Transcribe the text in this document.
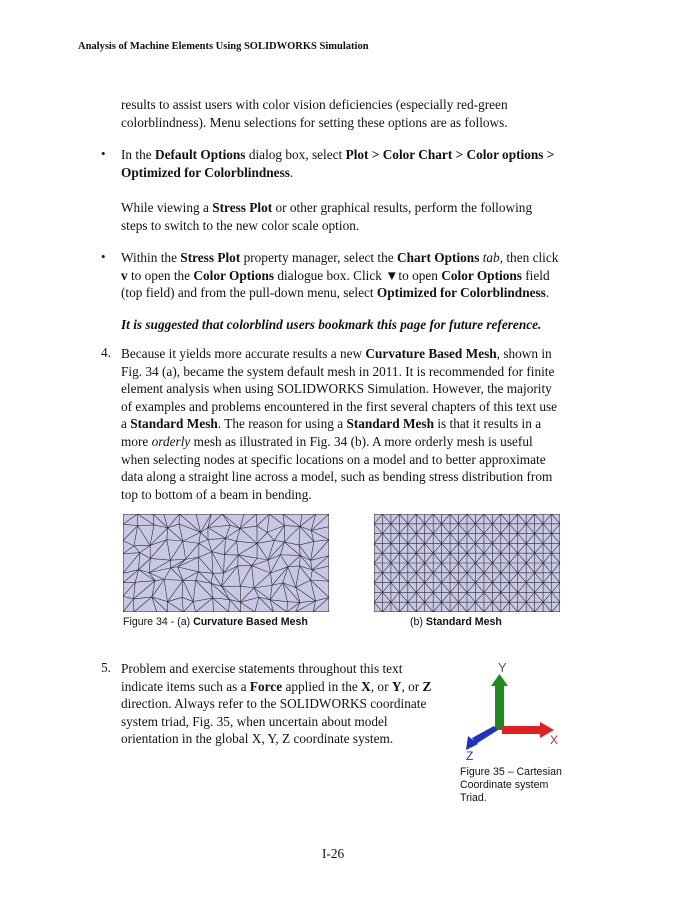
Analysis of Machine Elements Using SOLIDWORKS Simulation
results to assist users with color vision deficiencies (especially red-green
colorblindness). Menu selections for setting these options are as follows.
• In the Default Options dialog box, select Plot > Color Chart > Color options >
Optimized for Colorblindness.
While viewing a Stress Plot or other graphical results, perform the following
steps to switch to the new color scale option.
• Within the Stress Plot property manager, select the Chart Options tab, then click
v to open the Color Options dialogue box. Click ▼to open Color Options field
(top field) and from the pull-down menu, select Optimized for Colorblindness.
It is suggested that colorblind users bookmark this page for future reference.
4. Because it yields more accurate results a new Curvature Based Mesh, shown in
Fig. 34 (a), became the system default mesh in 2011. It is recommended for finite
element analysis when using SOLIDWORKS Simulation. However, the majority
of examples and problems encountered in the first several chapters of this text use
a Standard Mesh. The reason for using a Standard Mesh is that it results in a
more orderly mesh as illustrated in Fig. 34 (b). A more orderly mesh is useful
when selecting nodes at specific locations on a model and to better approximate
data along a straight line across a model, such as bending stress distribution from
top to bottom of a beam in bending.
Figure 34 - (a) Curvature Based Mesh	(b) Standard Mesh
5. Problem and exercise statements throughout this text
indicate items such as a Force applied in the X, or Y, or Z
direction. Always refer to the SOLIDWORKS coordinate
system triad, Fig. 35, when uncertain about model
orientation in the global X, Y, Z coordinate system.
Y
X
Z
Figure 35 – Cartesian
Coordinate system
Triad.
I-26
